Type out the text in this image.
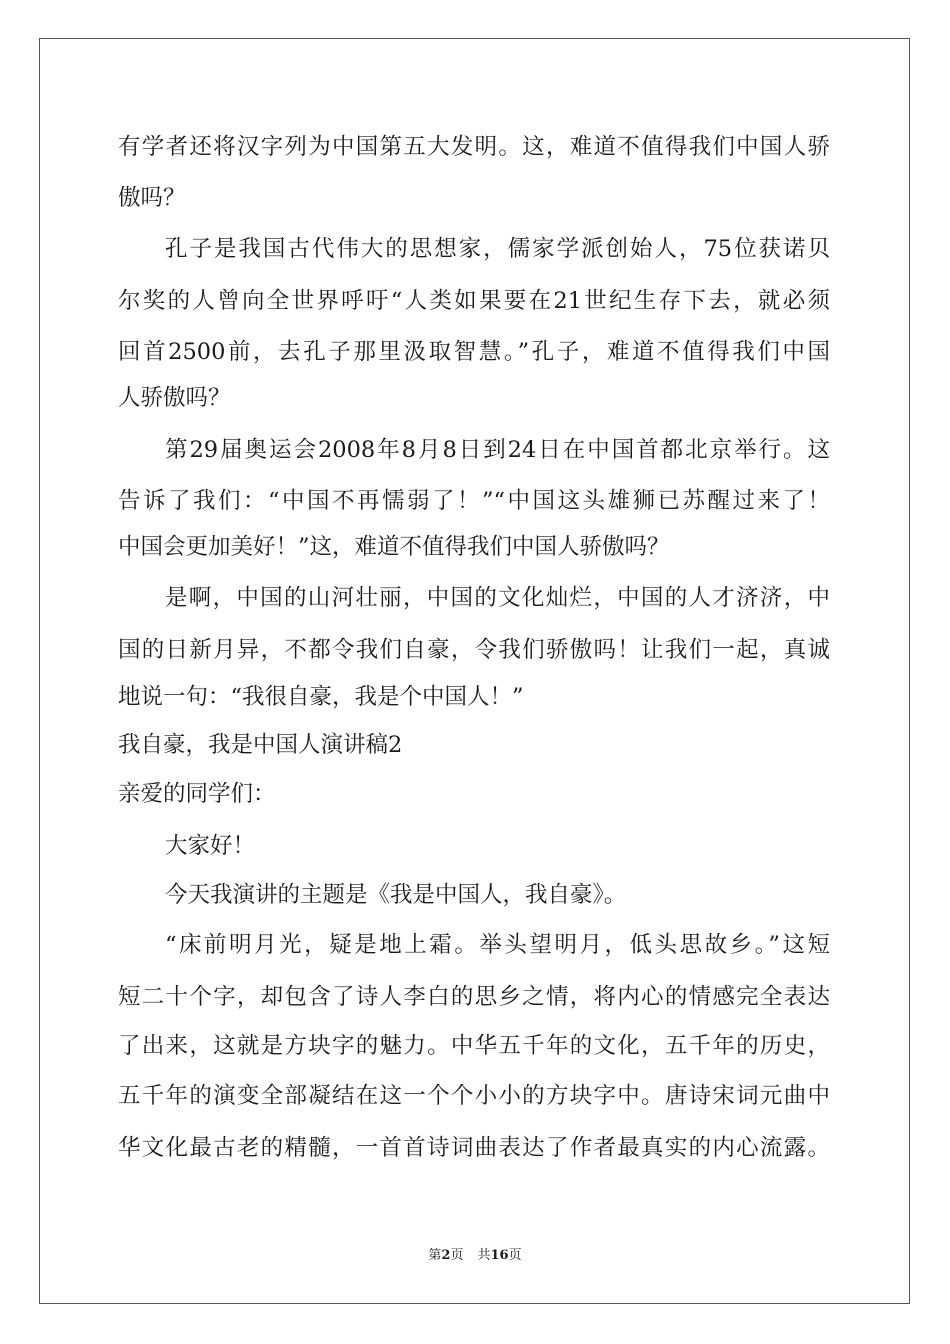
有学者还将汉字列为中国第五大发明。这，难道不值得我们中国人骄
傲吗？
孔子是我国古代伟大的思想家，儒家学派创始人，75位获诺贝
尔奖的人曾向全世界呼吁“人类如果要在21世纪生存下去，就必须
回首2500前，去孔子那里汲取智慧。”孔子，难道不值得我们中国
人骄傲吗？
第29届奥运会2008年8月8日到24日在中国首都北京举行。这
告诉了我们：“中国不再懦弱了！”“中国这头雄狮已苏醒过来了！
中国会更加美好！”这，难道不值得我们中国人骄傲吗？
是啊，中国的山河壮丽，中国的文化灿烂，中国的人才济济，中
国的日新月异，不都令我们自豪，令我们骄傲吗！让我们一起，真诚
地说一句：“我很自豪，我是个中国人！”
我自豪，我是中国人演讲稿2
亲爱的同学们：
大家好！
今天我演讲的主题是《我是中国人，我自豪》。
“床前明月光，疑是地上霜。举头望明月，低头思故乡。”这短
短二十个字，却包含了诗人李白的思乡之情，将内心的情感完全表达
了出来，这就是方块字的魅力。中华五千年的文化，五千年的历史，
五千年的演变全部凝结在这一个个小小的方块字中。唐诗宋词元曲中
华文化最古老的精髓，一首首诗词曲表达了作者最真实的内心流露。
第2页 共16页
